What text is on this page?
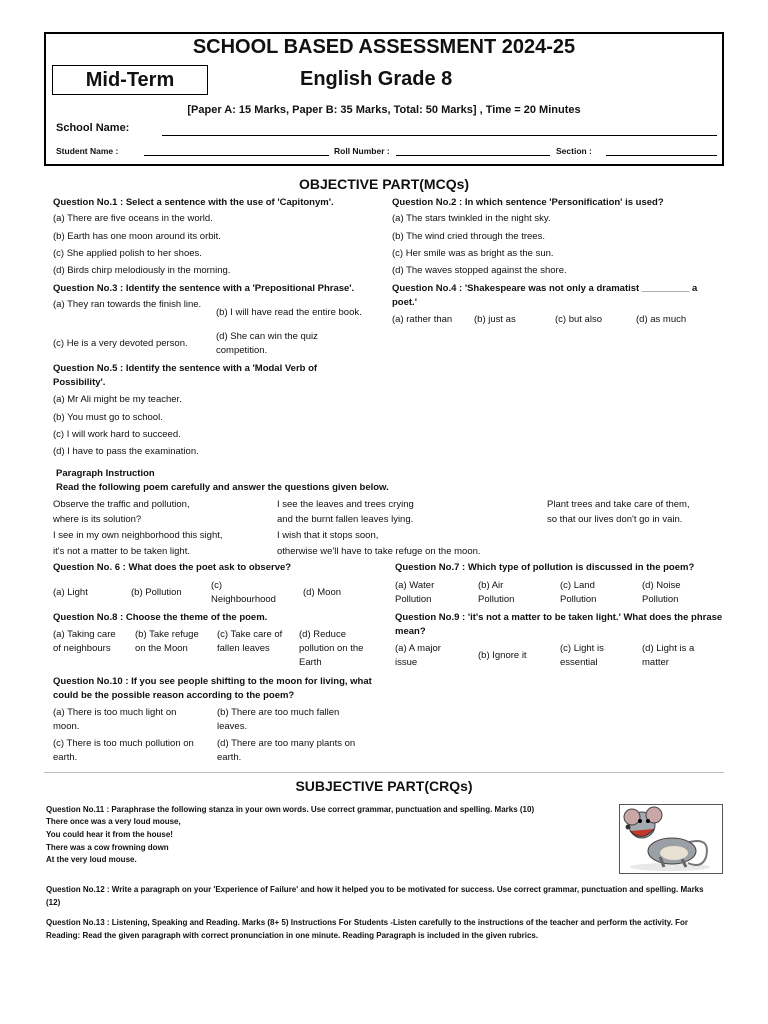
SCHOOL BASED ASSESSMENT 2024-25
Mid-Term	English Grade 8
[Paper A: 15 Marks, Paper B: 35 Marks, Total: 50 Marks] , Time = 20 Minutes
School Name:
Student Name :	Roll Number :	Section :
OBJECTIVE PART(MCQs)
Question No.1 : Select a sentence with the use of 'Capitonym'.
(a) There are five oceans in the world.
(b) Earth has one moon around its orbit.
(c) She applied polish to her shoes.
(d) Birds chirp melodiously in the morning.
Question No.2 : In which sentence 'Personification' is used?
(a) The stars twinkled in the night sky.
(b) The wind cried through the trees.
(c) Her smile was as bright as the sun.
(d) The waves stopped against the shore.
Question No.3 : Identify the sentence with a 'Prepositional Phrase'.
(a) They ran towards the finish line.
(b) I will have read the entire book.
(c) He is a very devoted person.
(d) She can win the quiz competition.
Question No.4 : 'Shakespeare was not only a dramatist _________ a poet.'
(a) rather than (b) just as	(c) but also	(d) as much
Question No.5 : Identify the sentence with a 'Modal Verb of Possibility'.
(a) Mr Ali might be my teacher.
(b) You must go to school.
(c) I will work hard to succeed.
(d) I have to pass the examination.
Paragraph Instruction
Read the following poem carefully and answer the questions given below.
Observe the traffic and pollution,
where is its solution?
I see in my own neighborhood this sight,
it's not a matter to be taken light.
I see the leaves and trees crying
and the burnt fallen leaves lying.
I wish that it stops soon,
otherwise we'll have to take refuge on the moon.
Plant trees and take care of them,
so that our lives don't go in vain.
Question No. 6 : What does the poet ask to observe?
(a) Light	(b) Pollution
(c) Neighbourhood
(d) Moon
Question No.7 : Which type of pollution is discussed in the poem?
(a) Water Pollution
(b) Air Pollution
(c) Land Pollution
(d) Noise Pollution
Question No.8 : Choose the theme of the poem.
(a) Taking care of neighbours
(b) Take refuge on the Moon
(c) Take care of fallen leaves
(d) Reduce pollution on the Earth
Question No.9 : 'it's not a matter to be taken light.' What does the phrase mean?
(a) A major issue
(b) Ignore it
(c) Light is essential
(d) Light is a matter
Question No.10 : If you see people shifting to the moon for living, what could be the possible reason according to the poem?
(a) There is too much light on moon.
(b) There are too much fallen leaves.
(c) There is too much pollution on earth.
(d) There are too many plants on earth.
SUBJECTIVE PART(CRQs)
Question No.11 : Paraphrase the following stanza in your own words. Use correct grammar, punctuation and spelling. Marks (10)
There once was a very loud mouse,
You could hear it from the house!
There was a cow frowning down
At the very loud mouse.
Question No.12 : Write a paragraph on your 'Experience of Failure' and how it helped you to be motivated for success. Use correct grammar, punctuation and spelling. Marks (12)
Question No.13 : Listening, Speaking and Reading. Marks (8+ 5) Instructions For Students -Listen carefully to the instructions of the teacher and perform the activity. For Reading: Read the given paragraph with correct pronunciation in one minute. Reading Paragraph is included in the given rubrics.
